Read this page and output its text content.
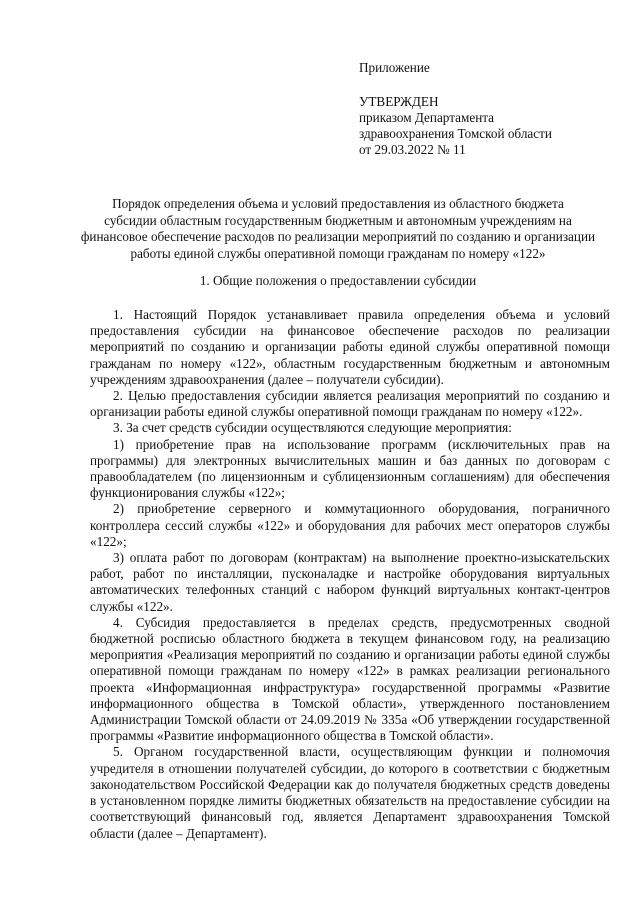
Приложение
УТВЕРЖДЕН
приказом Департамента
здравоохранения Томской области
от 29.03.2022 № 11
Порядок определения объема и условий предоставления из областного бюджета
субсидии областным государственным бюджетным и автономным учреждениям на
финансовое обеспечение расходов по реализации мероприятий по созданию и организации
работы единой службы оперативной помощи гражданам по номеру «122»
1. Общие положения о предоставлении субсидии

1. Настоящий Порядок устанавливает правила определения объема и условий предоставления субсидии на финансовое обеспечение расходов по реализации мероприятий по созданию и организации работы единой службы оперативной помощи гражданам по номеру «122», областным государственным бюджетным и автономным учреждениям здравоохранения (далее – получатели субсидии).

2. Целью предоставления субсидии является реализация мероприятий по созданию и организации работы единой службы оперативной помощи гражданам по номеру «122».

3. За счет средств субсидии осуществляются следующие мероприятия:

1) приобретение прав на использование программ (исключительных прав на программы) для электронных вычислительных машин и баз данных по договорам с правообладателем (по лицензионным и сублицензионным соглашениям) для обеспечения функционирования службы «122»;

2) приобретение серверного и коммутационного оборудования, пограничного контроллера сессий службы «122» и оборудования для рабочих мест операторов службы «122»;

3) оплата работ по договорам (контрактам) на выполнение проектно-изыскательских работ, работ по инсталляции, пусконаладке и настройке оборудования виртуальных автоматических телефонных станций с набором функций виртуальных контакт-центров службы «122».

4. Субсидия предоставляется в пределах средств, предусмотренных сводной бюджетной росписью областного бюджета в текущем финансовом году, на реализацию мероприятия «Реализация мероприятий по созданию и организации работы единой службы оперативной помощи гражданам по номеру «122» в рамках реализации регионального проекта «Информационная инфраструктура» государственной программы «Развитие информационного общества в Томской области», утвержденного постановлением Администрации Томской области от 24.09.2019 № 335а «Об утверждении государственной программы «Развитие информационного общества в Томской области».

5. Органом государственной власти, осуществляющим функции и полномочия учредителя в отношении получателей субсидии, до которого в соответствии с бюджетным законодательством Российской Федерации как до получателя бюджетных средств доведены в установленном порядке лимиты бюджетных обязательств на предоставление субсидии на соответствующий финансовый год, является Департамент здравоохранения Томской области (далее – Департамент).
